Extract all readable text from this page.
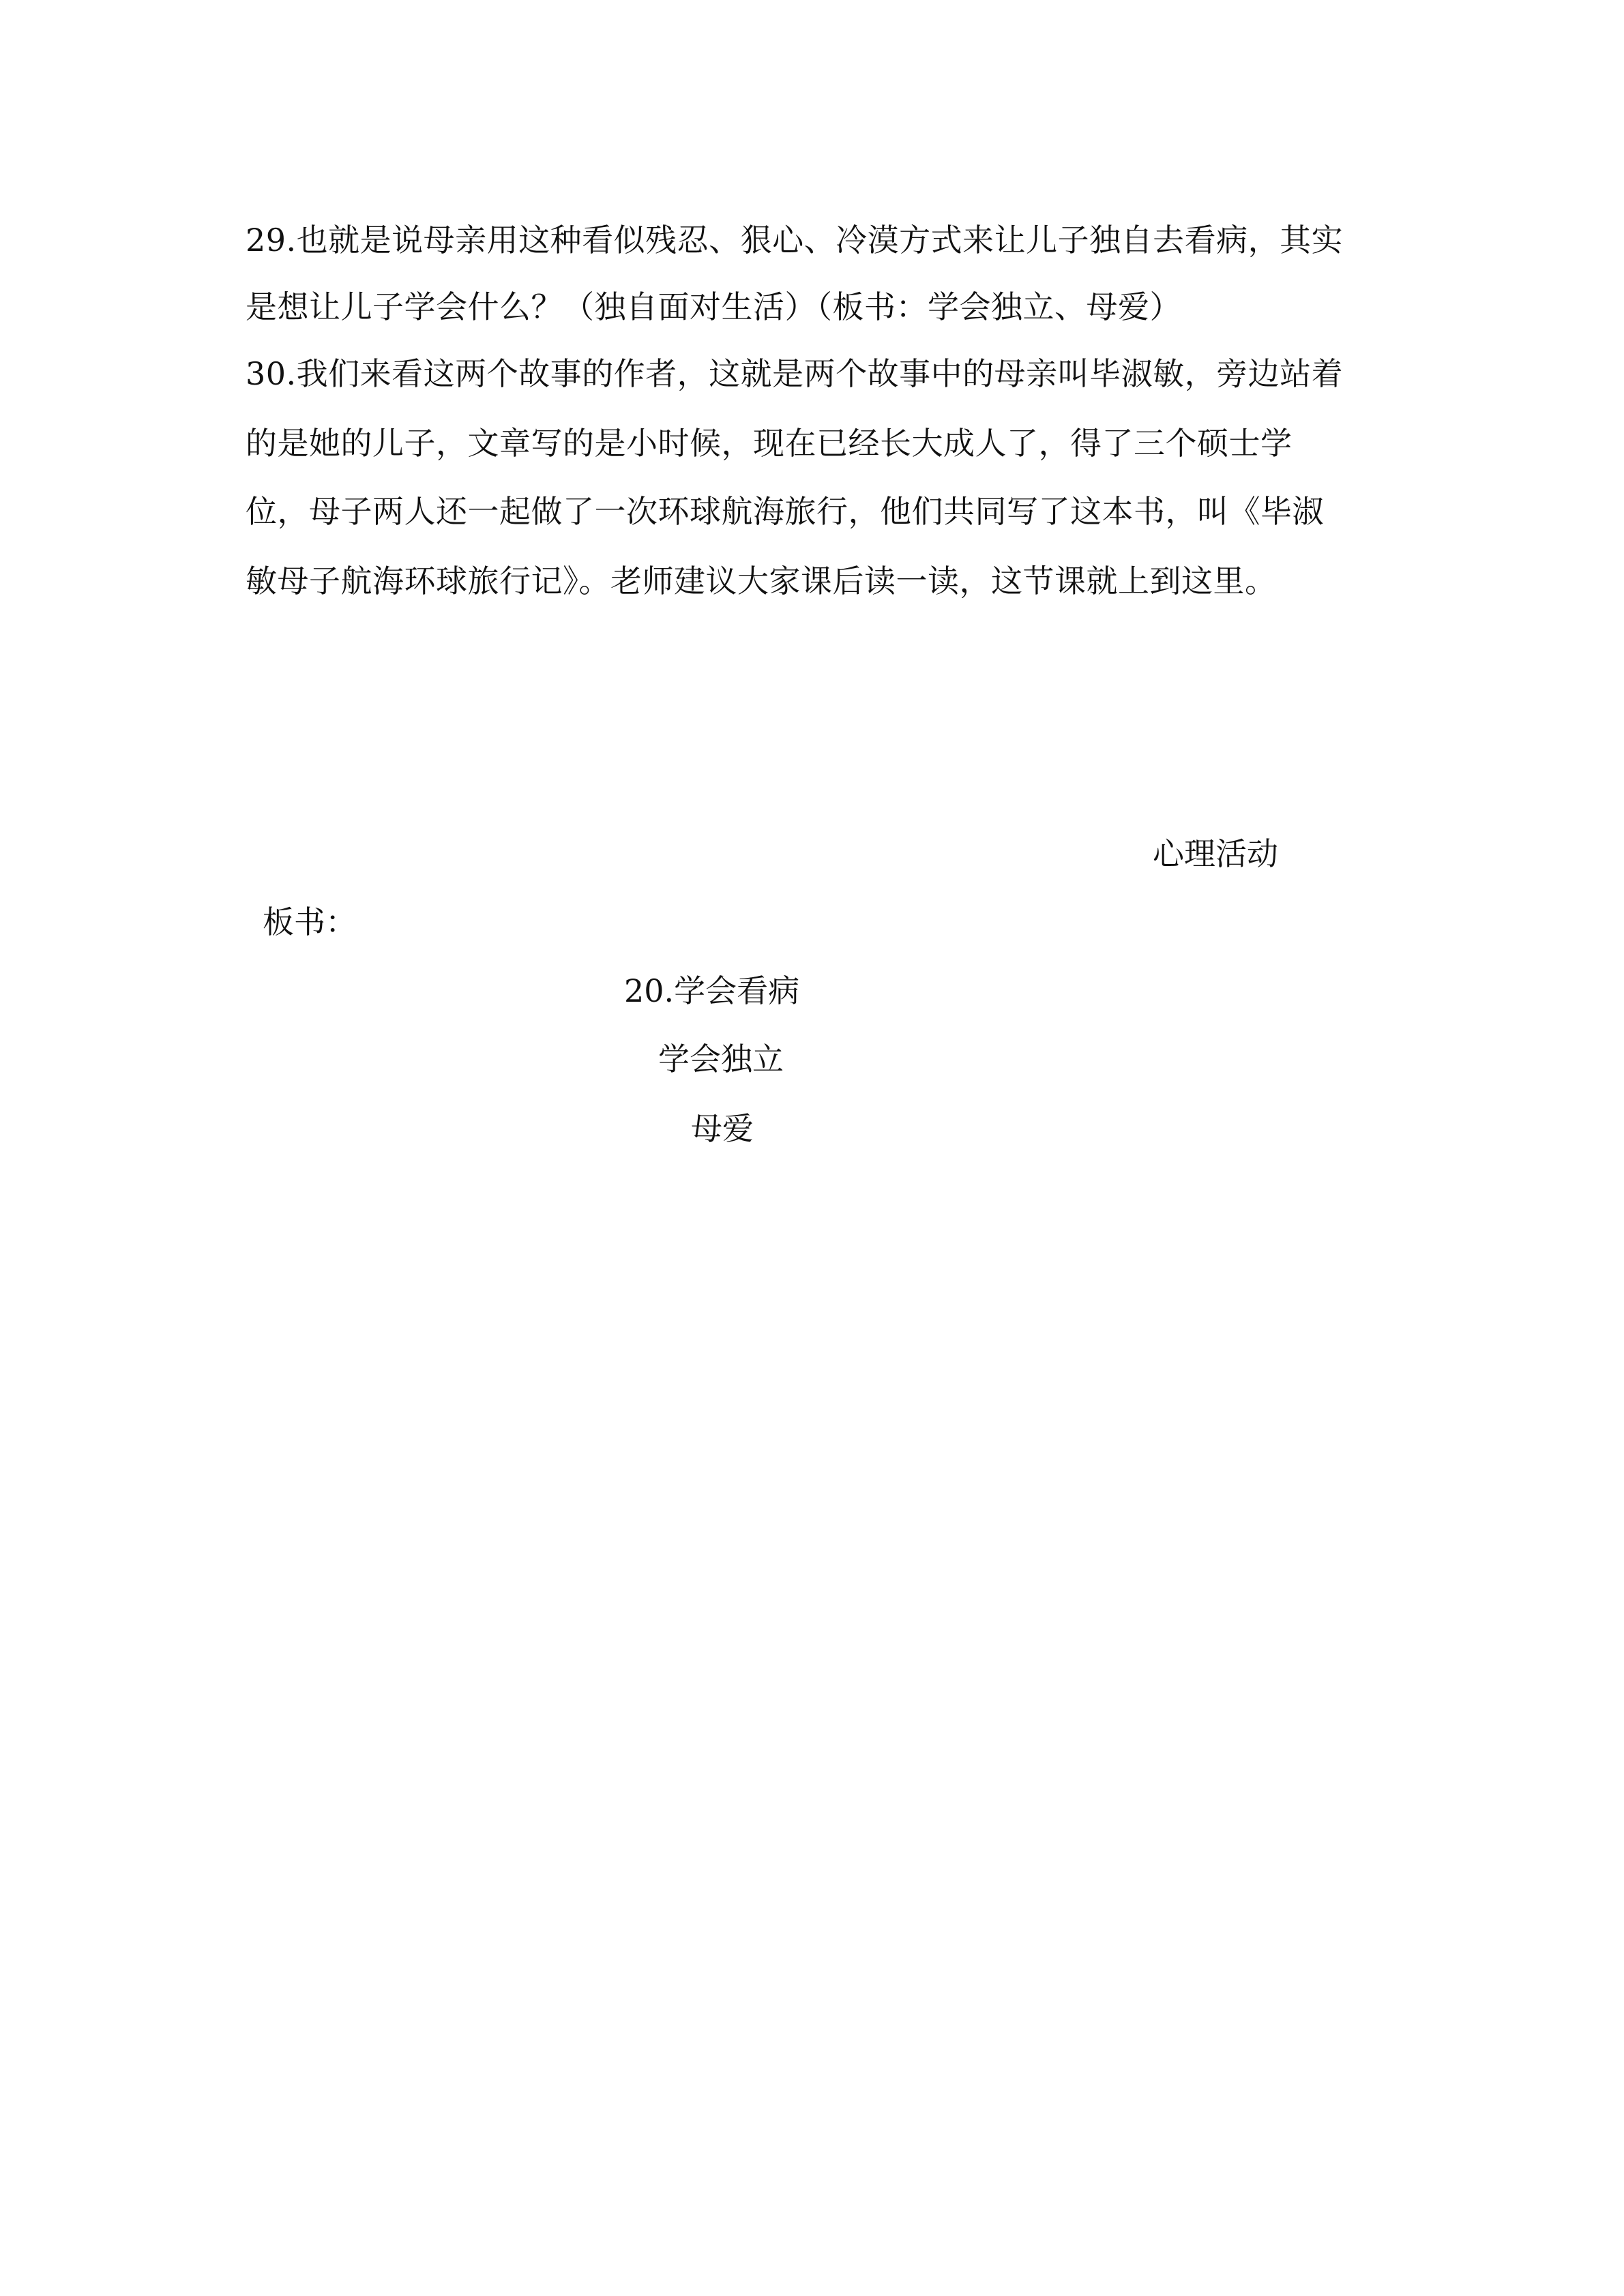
29.也就是说母亲用这种看似残忍、狠心、冷漠方式来让儿子独自去看病，其实
是想让儿子学会什么？（独自面对生活）（板书：学会独立、母爱）
30.我们来看这两个故事的作者，这就是两个故事中的母亲叫毕淑敏，旁边站着
的是她的儿子，文章写的是小时候，现在已经长大成人了，得了三个硕士学
位，母子两人还一起做了一次环球航海旅行，他们共同写了这本书，叫《毕淑
敏母子航海环球旅行记》。老师建议大家课后读一读，这节课就上到这里。
心理活动
板书：
20.学会看病
学会独立
母爱
